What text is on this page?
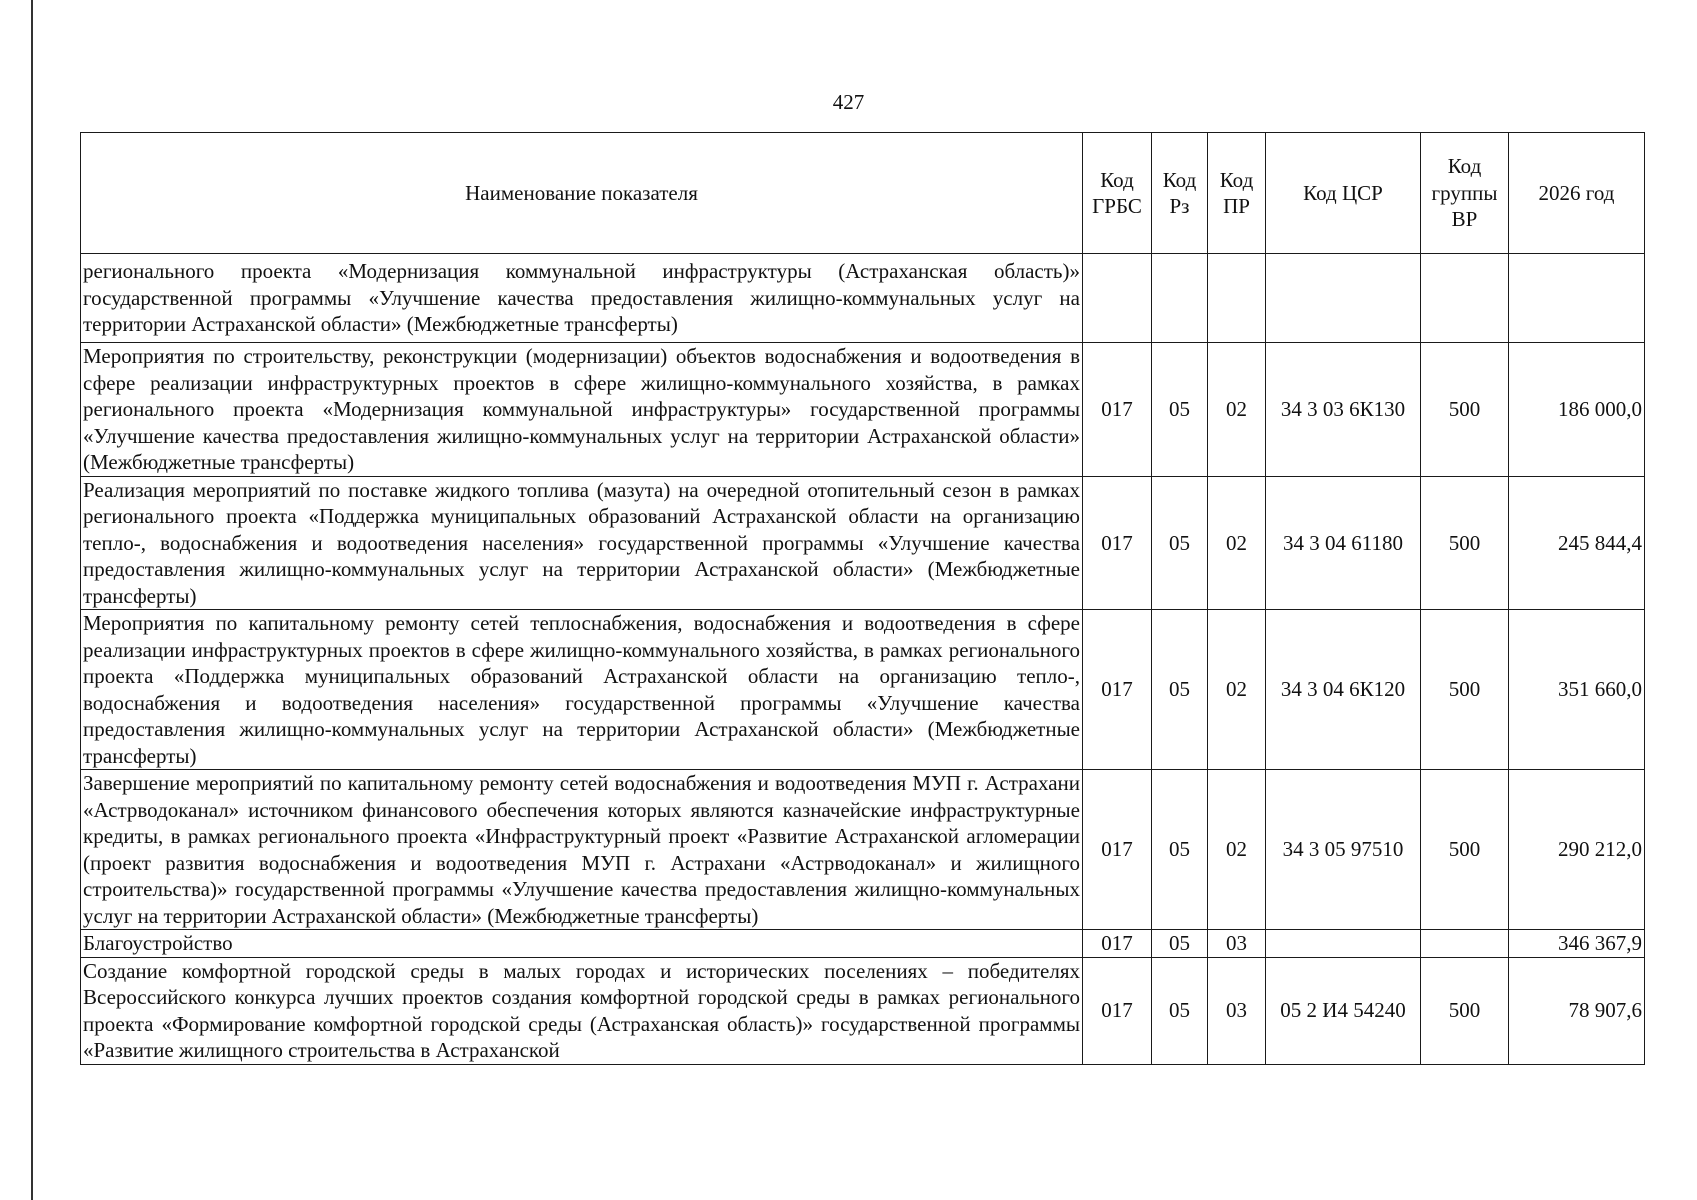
427
Наименование показателя	Код ГРБС	Код Рз	Код ПР	Код ЦСР	Код группы ВР	2026 год
регионального проекта «Модернизация коммунальной инфраструктуры (Астраханская область)» государственной программы «Улучшение качества предоставления жилищно-коммунальных услуг на территории Астраханской области» (Межбюджетные трансферты)						
Мероприятия по строительству, реконструкции (модернизации) объектов водоснабжения и водоотведения в сфере реализации инфраструктурных проектов в сфере жилищно-коммунального хозяйства, в рамках регионального проекта «Модернизация коммунальной инфраструктуры» государственной программы «Улучшение качества предоставления жилищно-коммунальных услуг на территории Астраханской области» (Межбюджетные трансферты)	017	05	02	34 3 03 6К130	500	186 000,0
Реализация мероприятий по поставке жидкого топлива (мазута) на очередной отопительный сезон в рамках регионального проекта «Поддержка муниципальных образований Астраханской области на организацию тепло-, водоснабжения и водоотведения населения» государственной программы «Улучшение качества предоставления жилищно-коммунальных услуг на территории Астраханской области» (Межбюджетные трансферты)	017	05	02	34 3 04 61180	500	245 844,4
Мероприятия по капитальному ремонту сетей теплоснабжения, водоснабжения и водоотведения в сфере реализации инфраструктурных проектов в сфере жилищно-коммунального хозяйства, в рамках регионального проекта «Поддержка муниципальных образований Астраханской области на организацию тепло-, водоснабжения и водоотведения населения» государственной программы «Улучшение качества предоставления жилищно-коммунальных услуг на территории Астраханской области» (Межбюджетные трансферты)	017	05	02	34 3 04 6К120	500	351 660,0
Завершение мероприятий по капитальному ремонту сетей водоснабжения и водоотведения МУП г. Астрахани «Астрводоканал» источником финансового обеспечения которых являются казначейские инфраструктурные кредиты, в рамках регионального проекта «Инфраструктурный проект «Развитие Астраханской агломерации (проект развития водоснабжения и водоотведения МУП г. Астрахани «Астрводоканал» и жилищного строительства)» государственной программы «Улучшение качества предоставления жилищно-коммунальных услуг на территории Астраханской области» (Межбюджетные трансферты)	017	05	02	34 3 05 97510	500	290 212,0
Благоустройство	017	05	03			346 367,9
Создание комфортной городской среды в малых городах и исторических поселениях – победителях Всероссийского конкурса лучших проектов создания комфортной городской среды в рамках регионального проекта «Формирование комфортной городской среды (Астраханская область)» государственной программы «Развитие жилищного строительства в Астраханской	017	05	03	05 2 И4 54240	500	78 907,6
